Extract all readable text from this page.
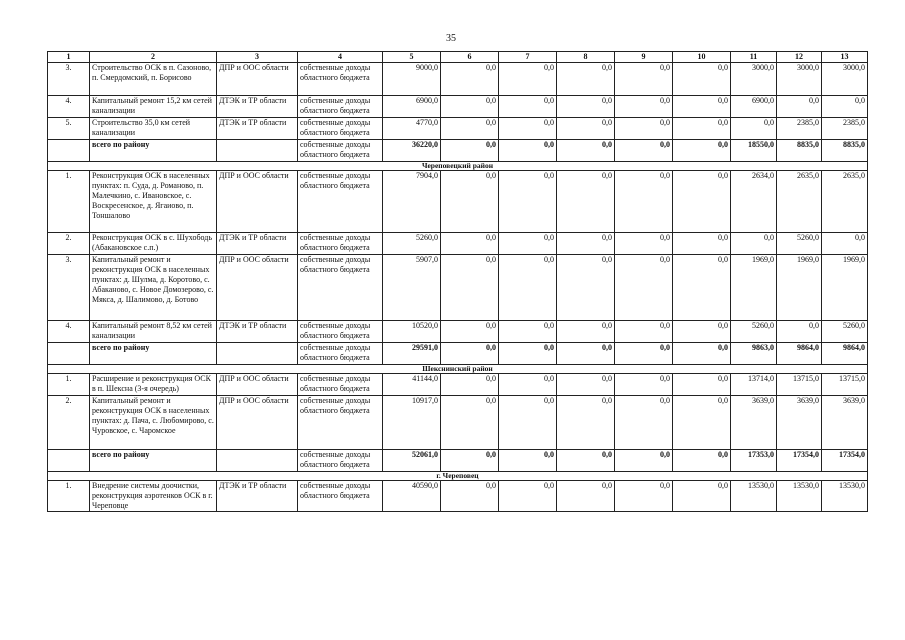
35
1	2	3	4	5	6	7	8	9	10	11	12	13
3.	Строительство ОСК в п. Сазоново, п. Смердомский, п. Борисово	ДПР и ООС области	собственные доходы областного бюджета	9000,0	0,0	0,0	0,0	0,0	0,0	3000,0	3000,0	3000,0
4.	Капитальный ремонт 15,2 км сетей канализации	ДТЭК и ТР области	собственные доходы областного бюджета	6900,0	0,0	0,0	0,0	0,0	0,0	6900,0	0,0	0,0
5.	Строительство 35,0 км сетей канализации	ДТЭК и ТР области	собственные доходы областного бюджета	4770,0	0,0	0,0	0,0	0,0	0,0	0,0	2385,0	2385,0
	всего по району		собственные доходы областного бюджета	36220,0	0,0	0,0	0,0	0,0	0,0	18550,0	8835,0	8835,0
Череповецкий район												
1.	Реконструкция ОСК в населенных пунктах: п. Суда, д. Романово, п. Малечкино, с. Ивановское, с. Воскресенское, д. Ягаиово, п. Тоншалово	ДПР и ООС области	собственные доходы областного бюджета	7904,0	0,0	0,0	0,0	0,0	0,0	2634,0	2635,0	2635,0
2.	Реконструкция ОСК в с. Шухободь (Абакановское с.п.)	ДТЭК и ТР области	собственные доходы областного бюджета	5260,0	0,0	0,0	0,0	0,0	0,0	0,0	5260,0	0,0
3.	Капитальный ремонт и реконструкция ОСК в населенных пунктах: д. Шулма, д. Коротово, с. Абаканово, с. Новое Домозерово, с. Мякса, д. Шалимово, д. Ботово	ДПР и ООС области	собственные доходы областного бюджета	5907,0	0,0	0,0	0,0	0,0	0,0	1969,0	1969,0	1969,0
4.	Капитальный ремонт 8,52 км сетей канализации	ДТЭК и ТР области	собственные доходы областного бюджета	10520,0	0,0	0,0	0,0	0,0	0,0	5260,0	0,0	5260,0
	всего по району		собственные доходы областного бюджета	29591,0	0,0	0,0	0,0	0,0	0,0	9863,0	9864,0	9864,0
Шекснинский район												
1.	Расширение и реконструкция ОСК в п. Шексна (3-я очередь)	ДПР и ООС области	собственные доходы областного бюджета	41144,0	0,0	0,0	0,0	0,0	0,0	13714,0	13715,0	13715,0
2.	Капитальный ремонт и реконструкция ОСК в населенных пунктах: д. Пача, с. Любомирово, с. Чуровское, с. Чаромское	ДПР и ООС области	собственные доходы областного бюджета	10917,0	0,0	0,0	0,0	0,0	0,0	3639,0	3639,0	3639,0
	всего по району		собственные доходы областного бюджета	52061,0	0,0	0,0	0,0	0,0	0,0	17353,0	17354,0	17354,0
г. Череповец												
1.	Внедрение системы доочистки, реконструкция аэротенков ОСК в г. Череповце	ДТЭК и ТР области	собственные доходы областного бюджета	40590,0	0,0	0,0	0,0	0,0	0,0	13530,0	13530,0	13530,0
